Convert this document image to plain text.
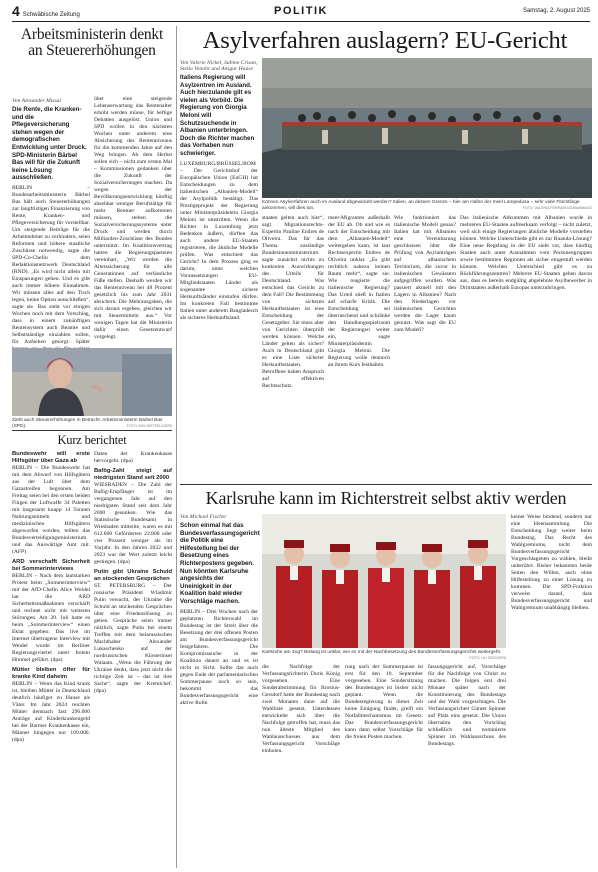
4 Schwäbische Zeitung	POLITIK	Samstag, 2. August 2025
Arbeitsministerin denkt an Steuererhöhungen
Von Alexander Missal
Die Rente, die Kranken- und die Pflegeversicherung stehen wegen der demografischen Entwicklung unter Druck. SPD-Ministerin Bärbel Bas will für die Zukunft keine Lösung ausschließen.
BERLIN – Bundesarbeitsministerin Bärbel Bas hält auch Steuererhöhungen zur langfristigen Finanzierung von Rente, Kranken- und Pflegeversicherung für vorstellbar. Um steigende Beiträge für die Arbeitnehmer zu verhindern, seien Reformen und höhere staatliche Zuschüsse notwendig, sagte die SPD-Co-Chefin dem Redaktionsnetzwerk Deutschland (RND). „Es wird nicht allein mit Einsparungen gehen. Und es gibt auch immer höhere Einnahmen. Wir müssen alles auf den Tisch legen, keine Option ausschließen“, sagte sie. Bas sieht vor einigen Wochen noch mit dem Vorschlag, dass in einem zukünftigen Rentensystem auch Beamte und Selbstständige einzahlen sollen, für Aufsehen gesorgt. Später
über eine steigende Lebenserwartung das Rentenalter erhöht werden müsse, für heftige Debatten ausgelöst. Union und SPD wollen in den nächsten Wochen unter anderem eine Absicherung des Rentenniveaus für die kommenden Jahre auf den Weg bringen. Ab dem Herbst sollen sich – nicht zum ersten Mal – Kommissionen gedanken über die Zukunft der Sozialversicherungen machen. Da wegen der Bevölkerungsentwicklung künftig absehbar weniger Berufstätige für mehr Rentner aufkommen müssen, stehen die Sozialversicherungssysteme unter Druck und werden durch Milliarden-Zuschüsse des Bundes unterstützt. Im Koalitionsvertrag hatten die Regierungsparteien vereinbart, „Wir werden die Alterssicherung für alle Generationen auf verlässliche Füße stellen. Deshalb werden wir das Rentenniveau bei 48 Prozent gesetzlich bis zum Jahr 2031 absichern. Die Mehrausgaben, die sich daraus ergeben, gleichen wir mit Steuermitteln aus.“ Vor wenigen Tagen hat die Ministerin dafür einen Gesetzentwurf vorgelegt.
Zieht auch Steuererhöhungen in Betracht: Arbeitsministerin Bärbel Bas (SPD).	FOTO: KAY NIETFELD/DPA
Kurz berichtet
Bundeswehr will erste Hilfsgüter über Gaza ab
BERLIN – Die Bundeswehr hat mit dem Abwurf von Hilfsgütern aus der Luft über dem Gazastreifen begonnen. Am Freitag seien bei den ersten beiden Flügen der Luftwaffe 34 Paletten mit insgesamt knapp 14 Tonnen Nahrungsmitteln und medizinischen Hilfsgütern abgeworfen worden, teilten das Bundesverteidigungsministerium und das Auswärtige Amt mit. (AFP)
ARD verschafft Sicherheit bei Sommerinterviews
BERLIN – Nach dem lautstarken Protest beim „Sommerinterview“ mit der AfD-Chefin Alice Weidel hat die ARD Sicherheitsmaßnahmen verschärft und rechnet nicht mit weiteren Störungen. Am 20. Juli hatte es beim „Sommerinterview“ einen Eklat gegeben: Das live im Internet übertragene Interview mit Weidel wurde im Berliner Regierungsviertel unter freiem Himmel geführt. (dpa)
Mütter bleiben öfter für kranke Kind daheim
BERLIN – Wenn das Kind krank ist, bleiben Mütter in Deutschland deutlich häufiger zu Hause als Väter. Im Jahr 2024 reichten Mütter demnach fast 296.000 Anträge auf Kinderkrankengeld bei der Barmer Krankenkasse ein, Männer hingegen nur 109.000. (dpa)
Daten der Krankenkasse hervorgeht. (dpa)
Bafög-Zahl steigt auf niedrigsten Stand seit 2000
WIESBADEN – Die Zahl der Bafög-Empfänger ist im vergangenen Jahr auf den niedrigsten Stand seit dem Jahr 2000 gesunken. Wie das Statistische Bundesamt in Wiesbaden mitteilte, waren es mit 612.800 Geförderten 22.800 oder vier Prozent weniger als im Vorjahr. In den Jahren 2022 und 2023 war der Wert zuletzt leicht gestiegen. (dpa)
Putin gibt Ukraine Schuld an stockenden Gesprächen
ST. PETERSBURG – Der russische Präsident Wladimir Putin versucht, der Ukraine die Schuld an stockenden Gesprächen über eine Friedenslösung zu geben. Gespräche seien immer nützlich, sagte Putin bei einem Treffen mit dem belarussischen Machthaber Alexander Lukaschenko auf der nordrussischen Klosterinsel Walaam. „Wenn die Führung der Ukraine denkt, dass jetzt nicht die richtige Zeit ist – das ist ihre Sache“, sagte der Kremlchef. (dpa)
Asylverfahren auslagern? EU-Gericht
Von Valerie Nickel, Sabine Crisan, Stella Venohr und Ansgar Haase
Italiens Regierung will Asylzentren im Ausland. Auch hierzulande gilt es vielen als Vorbild. Die Regierung von Giorgia Meloni will Schutzsuchende in Albanien unterbringen. Doch die Richter machen das Vorhaben nun schwieriger.
LUXEMBURG/BRÜSSEL/ROM – Der Gerichtshof der Europäischen Union (EuGH) hat Entscheidungen zu dem italienischen „Albanien-Modell“ der Asylpolitik bestätigt. Das Prestigeprojekt der Regierung unter Ministerpräsidentin Giorgia Meloni ist umstritten. Wenn die Richter in Luxemburg jetzt Bedenken äußern, dürften das auch andere EU-Staaten registrieren, die ähnliche Modelle prüfen. Was entschied das Gericht? In dem Prozess ging es darum, unter welchen Voraussetzungen EU-Mitgliedstaaten Länder als sogenannte sichere Herkunftsländer einstufen dürfen. Im konkreten Fall bestimmte Italien unter anderem Bangladesch als sicheres Herkunftsland.
Können Asylverfahren auch im Ausland abgewickelt werden? Italien, an dessen Grenze – hier am Hafen der Insel Lampedusa – sehr viele Flüchtlinge ankommen, will dies tun.	FOTO: VALERIA FERRARO/ZUMA/IMAGO
staaten gelten auch hier“, sagt Migrationsrechts-Expertin Pauline Endres de Oliveira. Das für das Thema zuständige Bundesinnenministerium sagte zunächst nichts zu konkreten Auswirkungen des Urteils für Deutschland. Was entschied das Gericht zu dem Fall? Die Bestimmung von sicheren Herkunftsstaaten ist eine Entscheidung der Gesetzgeber. Sie muss aber von Gerichten überprüft werden können. Welche Länder gelten als sicher? Auch in Deutschland gibt es eine Liste sicherer Herkunftsstaaten. Betroffene haben Anspruch auf effektiven Rechtsschutz.
meer-Migranten außerhalb der EU ab. Ob und wie es nach der Entscheidung mit dem „Albanien-Modell“ weitergehen kann, ist laut Rechtsexpertin Endres de Oliveira unklar. „Es gibt rechtlich nahezu keinen Raum mehr“, sagte sie. Wie reagierte die italienische Regierung? Das Urteil stieß in Italien auf scharfe Kritik. Die Entscheidung sei überraschend und schränke den Handlungsspielraum der Regierungen weiter ein, sagte Ministerpräsidentin Giorgia Meloni. Die Regierung wolle dennoch an ihrem Kurs festhalten.
Wie funktioniert das italienische Modell genau? Italien hat mit Albanien eine Vereinbarung geschlossen über die Prüfung von Asylanträgen auf albanischem Territorium, die zuvor in italienischen Gewässern aufgegriffen wurden. Was passiert aktuell mit den Lagern in Albanien? Nach den Niederlagen vor italienischen Gerichten werden die Lager kaum genutzt. Was sagt die EU zum Modell?
Das italienische Abkommen mit Albanien wurde in mehreren EU-Staaten aufmerksam verfolgt – nicht zuletzt, weil sich einige Regierungen ähnliche Modelle vorstellen können. Welche Unterschiede gibt es zur Ruanda-Lösung? Eine neue Regelung in der EU sieht vor, dass künftig Staaten auch unter Ausnahmen vom Personengruppen sowie bestimmten Regionen als sicher eingestuft werden können. Welchen Unterschied gibt es zu Rückführungszentren? Mehrere EU-Staaten gehen davon aus, dass es bereits endgültig abgelehnte Asylbewerber in Drittstaaten außerhalb Europas unterzubringen.
Karlsruhe kann im Richterstreit selbst aktiv werden
Von Michael Fischer
Schon einmal hat das Bundesverfassungsgericht die Politik eine Hilfestellung bei der Besetzung eines Richterpostens gegeben. Nun könnten Karlsruhe angesichts der Uneinigkeit in der Koalition bald wieder Vorschläge machen.
BERLIN – Drei Wochen nach der geplatzten Richterwahl im Bundestag ist der Streit über die Besetzung der drei offenen Posten am Bundesverfassungsgericht festgefahren. Die Kompromisssuche in der Koalition dauert an und es ist nicht in Sicht. Sollte das auch gegen Ende der parlamentarischen Sommerpause noch so sein, bekommt das Bundesverfassungsgericht eine aktive Rolle.
Karlsruhe am Zug? Bislang ist unklar, wie es mit der Nachbesetzung des Bundesverfassungsgerichts weitergeht.
FOTO: ULI DECK/DPA
die Nachfolge der Verfassungsrichterin Doris König vorgesehen. Eine Sonderabstimmung für Brosius-Gersdorf hatte der Bundestag nach zwei Monaten dann auf die Wahlliste gesetzt. Unterdessen entwickelte sich über die Nachfolge getroffen hat, muss das nun älteste Mitglied des Wahlausschusses aus dem Verfassungsgericht Vorschläge einholen.
rung nach der Sommerpause ist erst für den 10. September vorgesehen. Eine Sondersitzung des Bundestages ist bisher nicht geplant. Wenn die Bundesregierung in dieser Zeit keine Einigung findet, greift ein Notfallmechanismus im Gesetz. Das Bundesverfassungsgericht kann dann selbst Vorschläge für die freien Posten machen.
fassungsgericht auf, Vorschläge für die Nachfolge von Christ zu machen. Die folgen erst drei Monate später nach der Konstituierung des Bundestags und der Wahl vorgeschlagen. Die Verfassungsrichter Günter Spinner auf Platz eins gesetzt. Die Union übernahm den Vorschlag schließlich und nominierte Spinner im Wahlausschuss des Bundestags.
keiner Weise bindend, sondern nur eine Ideensammlung. Die Entscheidung liegt weiter beim Bundestag. Das Recht des Wahlgremiums, nicht dem Bundesverfassungsgericht Vorgeschlagenen zu wählen, bleibt unberührt. Bisher bekannten beide Seiten den Willen, auch ohne Hilfestellung zu einer Lösung zu kommen. Die SPD-Fraktion verweist darauf, dass Bundesverfassungsgericht und Wahlgremium unabhängig bleiben.
